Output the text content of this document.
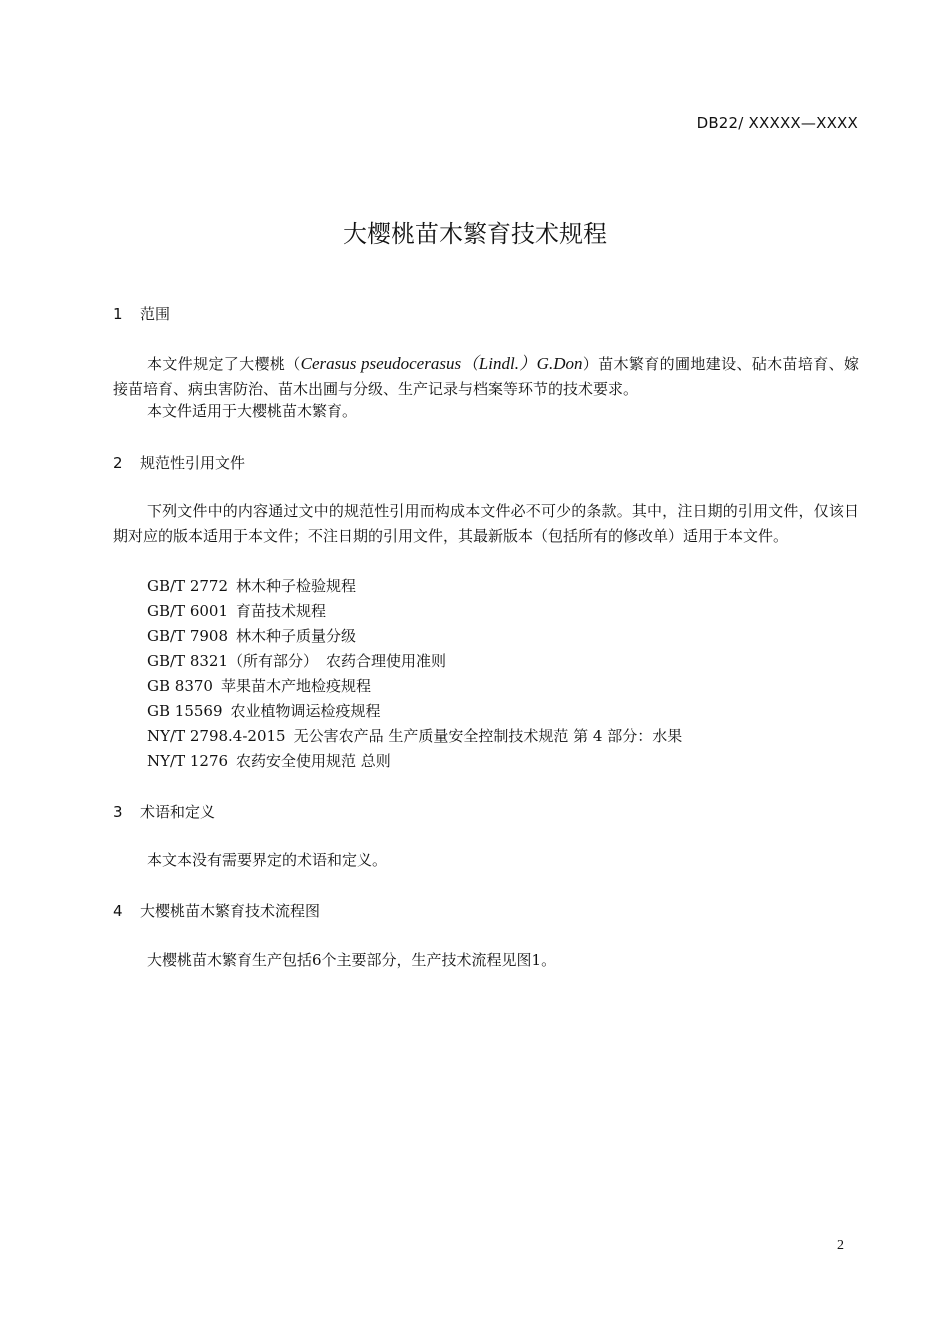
DB22/ XXXXX—XXXX
大樱桃苗木繁育技术规程
1 范围

本文件规定了大樱桃（Cerasus pseudocerasus（Lindl.）G.Don）苗木繁育的圃地建设、砧木苗培育、嫁接苗培育、病虫害防治、苗木出圃与分级、生产记录与档案等环节的技术要求。

本文件适用于大樱桃苗木繁育。

2 规范性引用文件

下列文件中的内容通过文中的规范性引用而构成本文件必不可少的条款。其中，注日期的引用文件，仅该日期对应的版本适用于本文件；不注日期的引用文件，其最新版本（包括所有的修改单）适用于本文件。

GB/T 2772 林木种子检验规程
GB/T 6001 育苗技术规程
GB/T 7908 林木种子质量分级
GB/T 8321（所有部分） 农药合理使用准则
GB 8370 苹果苗木产地检疫规程
GB 15569 农业植物调运检疫规程
NY/T 2798.4-2015 无公害农产品 生产质量安全控制技术规范 第 4 部分：水果
NY/T 1276 农药安全使用规范 总则
3 术语和定义

本文本没有需要界定的术语和定义。

4 大樱桃苗木繁育技术流程图

大樱桃苗木繁育生产包括6个主要部分，生产技术流程见图1。

2
